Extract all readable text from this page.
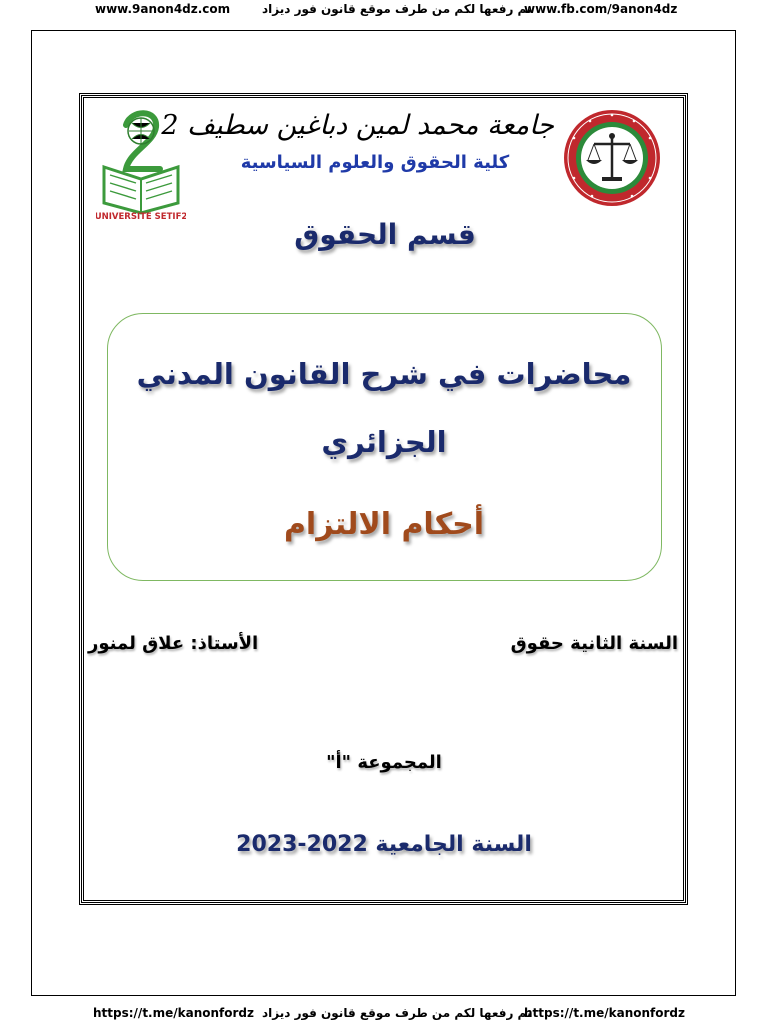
www.9anon4dz.com	تم رفعها لكم من طرف موقع قانون فور ديزاد
www.fb.com/9anon4dz
UNIVERSITE SETIF2
جامعة محمد لمين دباغين سطيف 2
كلية الحقوق والعلوم السياسية
قسم الحقوق
محاضرات في شرح القانون المدني
الجزائري
أحكام الالتزام
السنة الثانية حقوق
الأستاذ: علاق لمنور
المجموعة "أ"
السنة الجامعية 2022-2023
https://t.me/kanonfordz تم رفعها لكم من طرف موقع قانون فور ديزاد
https://t.me/kanonfordz
